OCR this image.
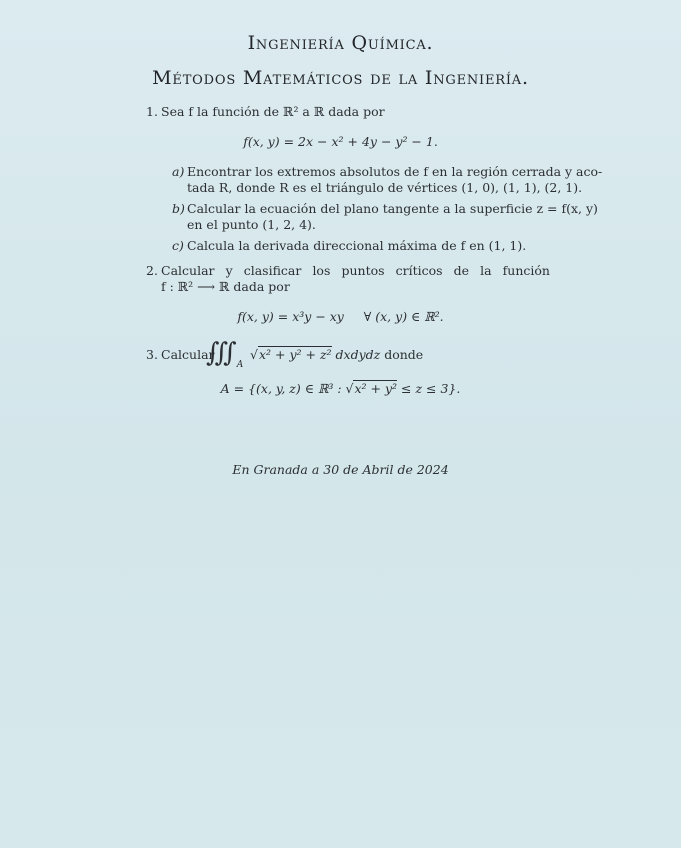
Ingeniería Química.
Métodos Matemáticos de la Ingeniería.
1. Sea f la función de ℝ² a ℝ dada por
f(x, y) = 2x − x² + 4y − y² − 1.
a) Encontrar los extremos absolutos de f en la región cerrada y aco-
tada R, donde R es el triángulo de vértices (1, 0), (1, 1), (2, 1).
b) Calcular la ecuación del plano tangente a la superficie z = f(x, y)
en el punto (1, 2, 4).
c) Calcula la derivada direccional máxima de f en (1, 1).
2. Calcular y clasificar los puntos críticos de la función
f : ℝ² ⟶ ℝ dada por
f(x, y) = x³y − xy     ∀ (x, y) ∈ ℝ².
3. Calcular
$∭_A$
√x² + y² + z² dxdydz donde
A = {(x, y, z) ∈ ℝ³ : √x² + y² ≤ z ≤ 3}.
En Granada a 30 de Abril de 2024
